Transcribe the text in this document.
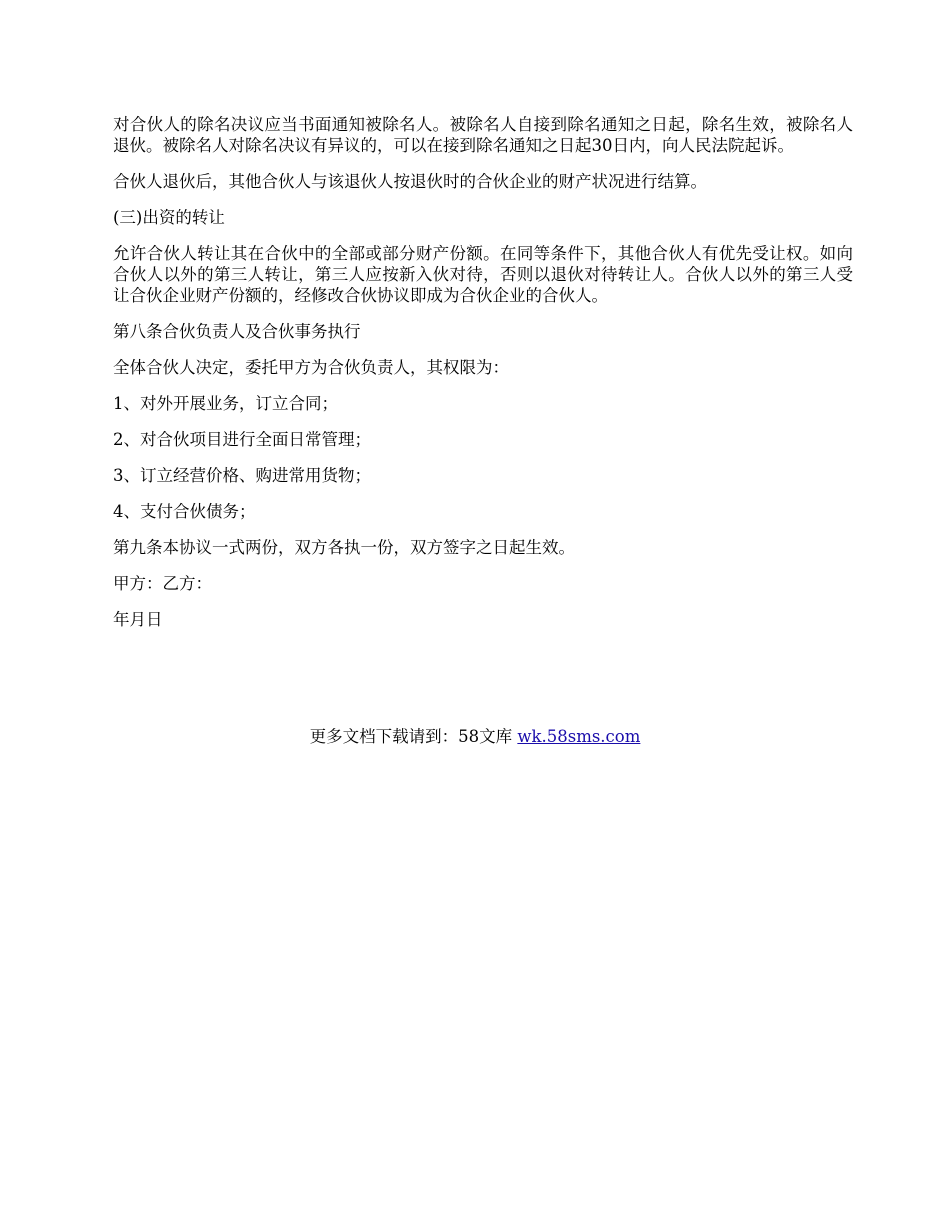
对合伙人的除名决议应当书面通知被除名人。被除名人自接到除名通知之日起，除名生效，被除名人退伙。被除名人对除名决议有异议的，可以在接到除名通知之日起30日内，向人民法院起诉。

合伙人退伙后，其他合伙人与该退伙人按退伙时的合伙企业的财产状况进行结算。

(三)出资的转让

允许合伙人转让其在合伙中的全部或部分财产份额。在同等条件下，其他合伙人有优先受让权。如向合伙人以外的第三人转让，第三人应按新入伙对待，否则以退伙对待转让人。合伙人以外的第三人受让合伙企业财产份额的，经修改合伙协议即成为合伙企业的合伙人。

第八条合伙负责人及合伙事务执行

全体合伙人决定，委托甲方为合伙负责人，其权限为：

1、对外开展业务，订立合同；

2、对合伙项目进行全面日常管理；

3、订立经营价格、购进常用货物；

4、支付合伙债务；

第九条本协议一式两份，双方各执一份，双方签字之日起生效。

甲方：乙方：

年月日

更多文档下载请到：58文库 wk.58sms.com
